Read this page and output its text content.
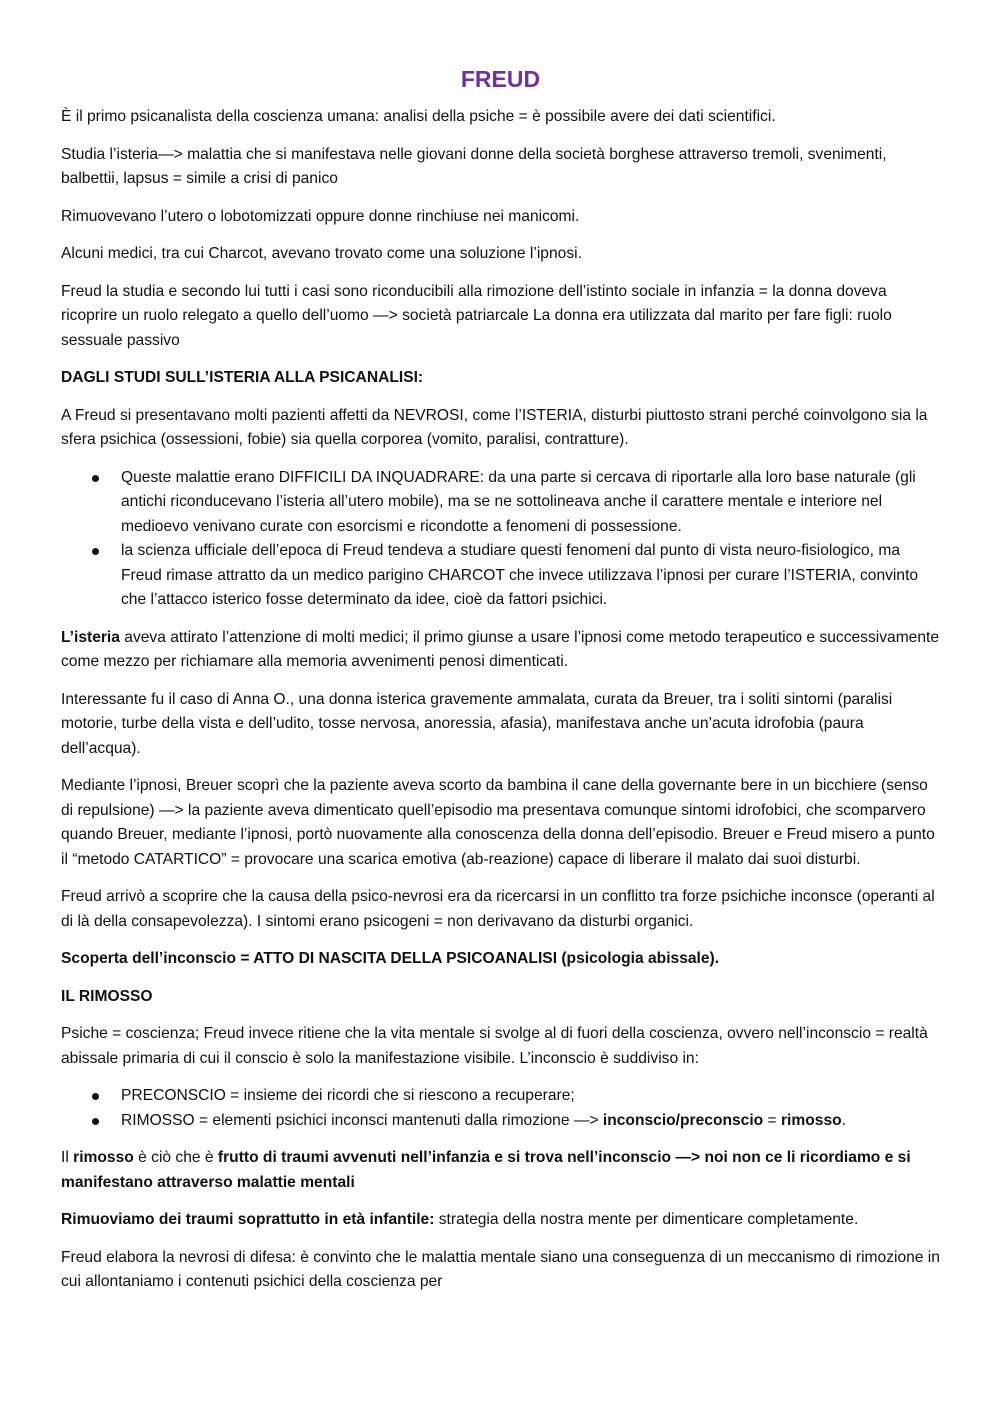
FREUD

È il primo psicanalista della coscienza umana: analisi della psiche = è possibile avere dei dati scientifici.

Studia l’isteria—> malattia che si manifestava nelle giovani donne della società borghese attraverso tremoli, svenimenti, balbettii, lapsus = simile a crisi di panico

Rimuovevano l’utero o lobotomizzati oppure donne rinchiuse nei manicomi.

Alcuni medici, tra cui Charcot, avevano trovato come una soluzione l’ipnosi.

Freud la studia e secondo lui tutti i casi sono riconducibili alla rimozione dell’istinto sociale in infanzia = la donna doveva ricoprire un ruolo relegato a quello dell’uomo —> società patriarcale La donna era utilizzata dal marito per fare figli: ruolo sessuale passivo

DAGLI STUDI SULL’ISTERIA ALLA PSICANALISI:

A Freud si presentavano molti pazienti affetti da NEVROSI, come l’ISTERIA, disturbi piuttosto strani perché coinvolgono sia la sfera psichica (ossessioni, fobie) sia quella corporea (vomito, paralisi, contratture).

Queste malattie erano DIFFICILI DA INQUADRARE: da una parte si cercava di riportarle alla loro base naturale (gli antichi riconducevano l’isteria all’utero mobile), ma se ne sottolineava anche il carattere mentale e interiore nel medioevo venivano curate con esorcismi e ricondotte a fenomeni di possessione.
la scienza ufficiale dell’epoca di Freud tendeva a studiare questi fenomeni dal punto di vista neuro-fisiologico, ma Freud rimase attratto da un medico parigino CHARCOT che invece utilizzava l’ipnosi per curare l’ISTERIA, convinto che l’attacco isterico fosse determinato da idee, cioè da fattori psichici.

L’isteria aveva attirato l’attenzione di molti medici; il primo giunse a usare l’ipnosi come metodo terapeutico e successivamente come mezzo per richiamare alla memoria avvenimenti penosi dimenticati.

Interessante fu il caso di Anna O., una donna isterica gravemente ammalata, curata da Breuer, tra i soliti sintomi (paralisi motorie, turbe della vista e dell’udito, tosse nervosa, anoressia, afasia), manifestava anche un’acuta idrofobia (paura dell’acqua).

Mediante l’ipnosi, Breuer scoprì che la paziente aveva scorto da bambina il cane della governante bere in un bicchiere (senso di repulsione) —> la paziente aveva dimenticato quell’episodio ma presentava comunque sintomi idrofobici, che scomparvero quando Breuer, mediante l’ipnosi, portò nuovamente alla conoscenza della donna dell’episodio. Breuer e Freud misero a punto il “metodo CATARTICO” = provocare una scarica emotiva (ab-reazione) capace di liberare il malato dai suoi disturbi.

Freud arrivò a scoprire che la causa della psico-nevrosi era da ricercarsi in un conflitto tra forze psichiche inconsce (operanti al di là della consapevolezza). I sintomi erano psicogeni = non derivavano da disturbi organici.

Scoperta dell’inconscio = ATTO DI NASCITA DELLA PSICOANALISI (psicologia abissale).

IL RIMOSSO

Psiche = coscienza; Freud invece ritiene che la vita mentale si svolge al di fuori della coscienza, ovvero nell’inconscio = realtà abissale primaria di cui il conscio è solo la manifestazione visibile. L’inconscio è suddiviso in:

PRECONSCIO = insieme dei ricordi che si riescono a recuperare;
RIMOSSO = elementi psichici inconsci mantenuti dalla rimozione —> inconscio/preconscio = rimosso.

Il rimosso è ciò che è frutto di traumi avvenuti nell’infanzia e si trova nell’inconscio —> noi non ce li ricordiamo e si manifestano attraverso malattie mentali

Rimuoviamo dei traumi soprattutto in età infantile: strategia della nostra mente per dimenticare completamente.

Freud elabora la nevrosi di difesa: è convinto che le malattia mentale siano una conseguenza di un meccanismo di rimozione in cui allontaniamo i contenuti psichici della coscienza per
